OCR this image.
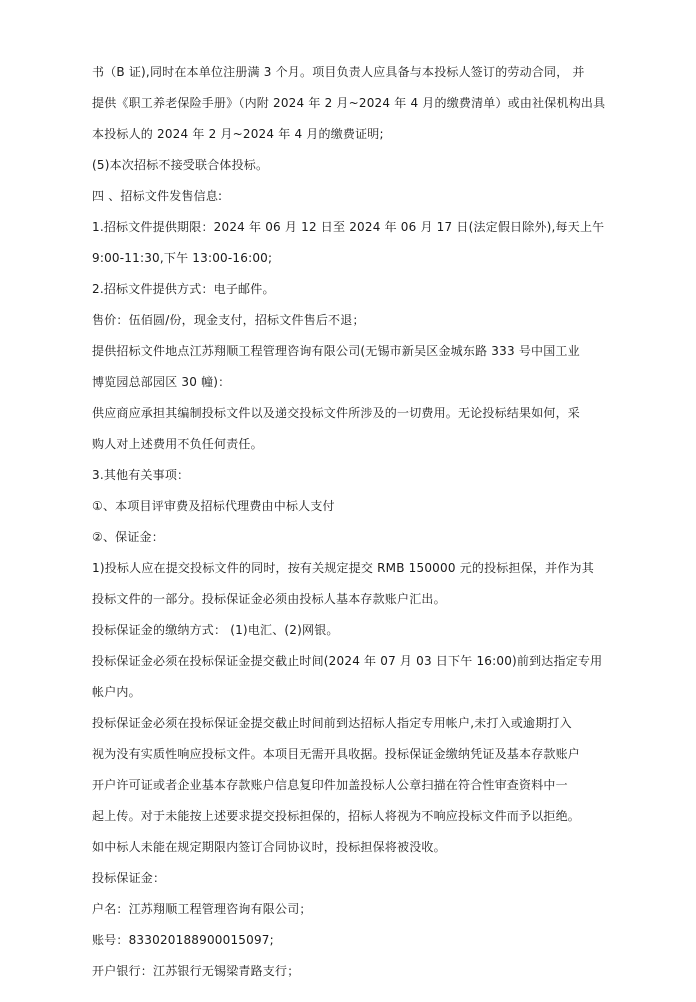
书（B 证),同时在本单位注册满 3 个月。项目负责人应具备与本投标人签订的劳动合同， 并
提供《职工养老保险手册》（内附 2024 年 2 月~2024 年 4 月的缴费清单）或由社保机构出具
本投标人的 2024 年 2 月~2024 年 4 月的缴费证明;
(5)本次招标不接受联合体投标。
四 、招标文件发售信息:
1.招标文件提供期限：2024 年 06 月 12 日至 2024 年 06 月 17 日(法定假日除外),每天上午
9:00-11:30,下午 13:00-16:00;
2.招标文件提供方式：电子邮件。
售价：伍佰圆/份，现金支付，招标文件售后不退；
提供招标文件地点江苏翔顺工程管理咨询有限公司(无锡市新吴区金城东路 333 号中国工业
博览园总部园区 30 幢)：
供应商应承担其编制投标文件以及递交投标文件所涉及的一切费用。无论投标结果如何，采
购人对上述费用不负任何责任。
3.其他有关事项：
①、本项目评审费及招标代理费由中标人支付
②、保证金：
1)投标人应在提交投标文件的同时，按有关规定提交 RMB 150000 元的投标担保，并作为其
投标文件的一部分。投标保证金必须由投标人基本存款账户汇出。
投标保证金的缴纳方式： (1)电汇、(2)网银。
投标保证金必须在投标保证金提交截止时间(2024 年 07 月 03 日下午 16:00)前到达指定专用
帐户内。
投标保证金必须在投标保证金提交截止时间前到达招标人指定专用帐户,未打入或逾期打入
视为没有实质性响应投标文件。本项目无需开具收据。投标保证金缴纳凭证及基本存款账户
开户许可证或者企业基本存款账户信息复印件加盖投标人公章扫描在符合性审查资料中一
起上传。对于未能按上述要求提交投标担保的，招标人将视为不响应投标文件而予以拒绝。
如中标人未能在规定期限内签订合同协议时，投标担保将被没收。
投标保证金：
户名：江苏翔顺工程管理咨询有限公司；
账号：833020188900015097;
开户银行：江苏银行无锡梁青路支行；
